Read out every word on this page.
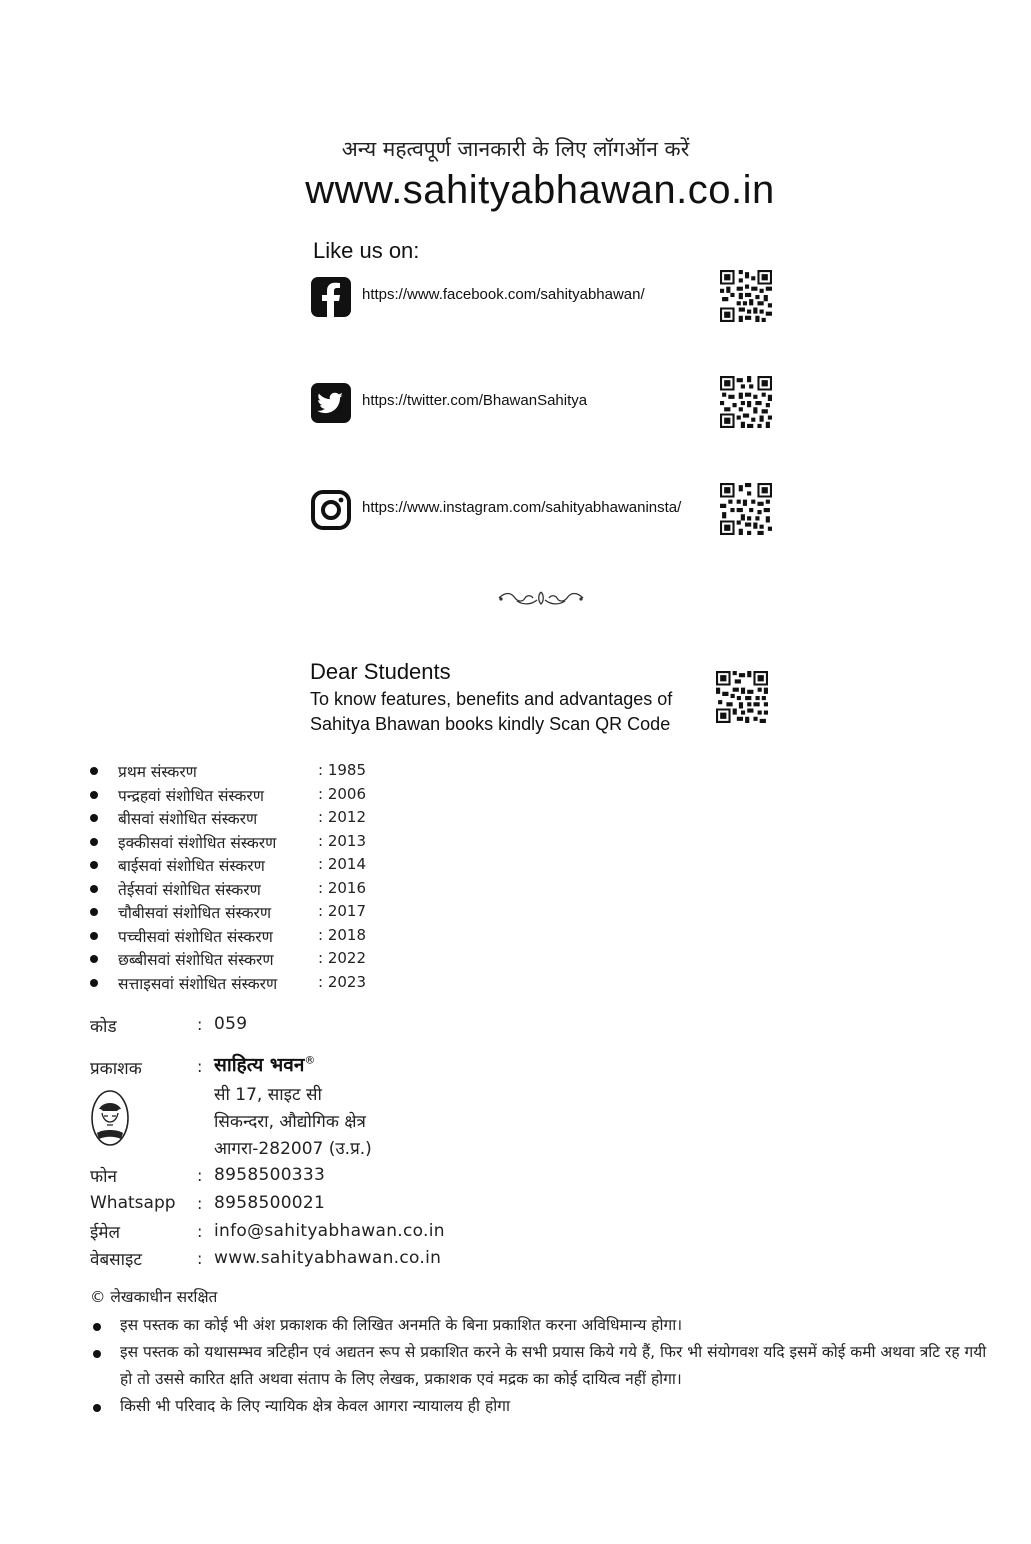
अन्य महत्वपूर्ण जानकारी के लिए लॉगऑन करें
www.sahityabhawan.co.in
Like us on:
https://www.facebook.com/sahityabhawan/
https://twitter.com/BhawanSahitya
https://www.instagram.com/sahityabhawaninsta/
Dear Students
To know features, benefits and advantages of
Sahitya Bhawan books kindly Scan QR Code
प्रथम संस्करण	: 1985
पन्द्रहवां संशोधित संस्करण	: 2006
बीसवां संशोधित संस्करण	: 2012
इक्कीसवां संशोधित संस्करण	: 2013
बाईसवां संशोधित संस्करण	: 2014
तेईसवां संशोधित संस्करण	: 2016
चौबीसवां संशोधित संस्करण	: 2017
पच्चीसवां संशोधित संस्करण	: 2018
छब्बीसवां संशोधित संस्करण	: 2022
सत्ताइसवां संशोधित संस्करण	: 2023
कोड	: 059
प्रकाशक	: साहित्य भवन®
सी 17, साइट सी
सिकन्दरा, औद्योगिक क्षेत्र
आगरा-282007 (उ.प्र.)
फोन	: 8958500333
Whatsapp : 8958500021
ईमेल	: info@sahityabhawan.co.in
वेबसाइट	: www.sahityabhawan.co.in
© लेखकाधीन सरक्षित
इस पस्तक का कोई भी अंश प्रकाशक की लिखित अनमति के बिना प्रकाशित करना अविधिमान्य होगा।
इस पस्तक को यथासम्भव त्रटिहीन एवं अद्यतन रूप से प्रकाशित करने के सभी प्रयास किये गये हैं, फिर भी संयोगवश यदि इसमें कोई कमी अथवा त्रटि रह गयी हो तो उससे कारित क्षति अथवा संताप के लिए लेखक, प्रकाशक एवं मद्रक का कोई दायित्व नहीं होगा।
किसी भी परिवाद के लिए न्यायिक क्षेत्र केवल आगरा न्यायालय ही होगा
